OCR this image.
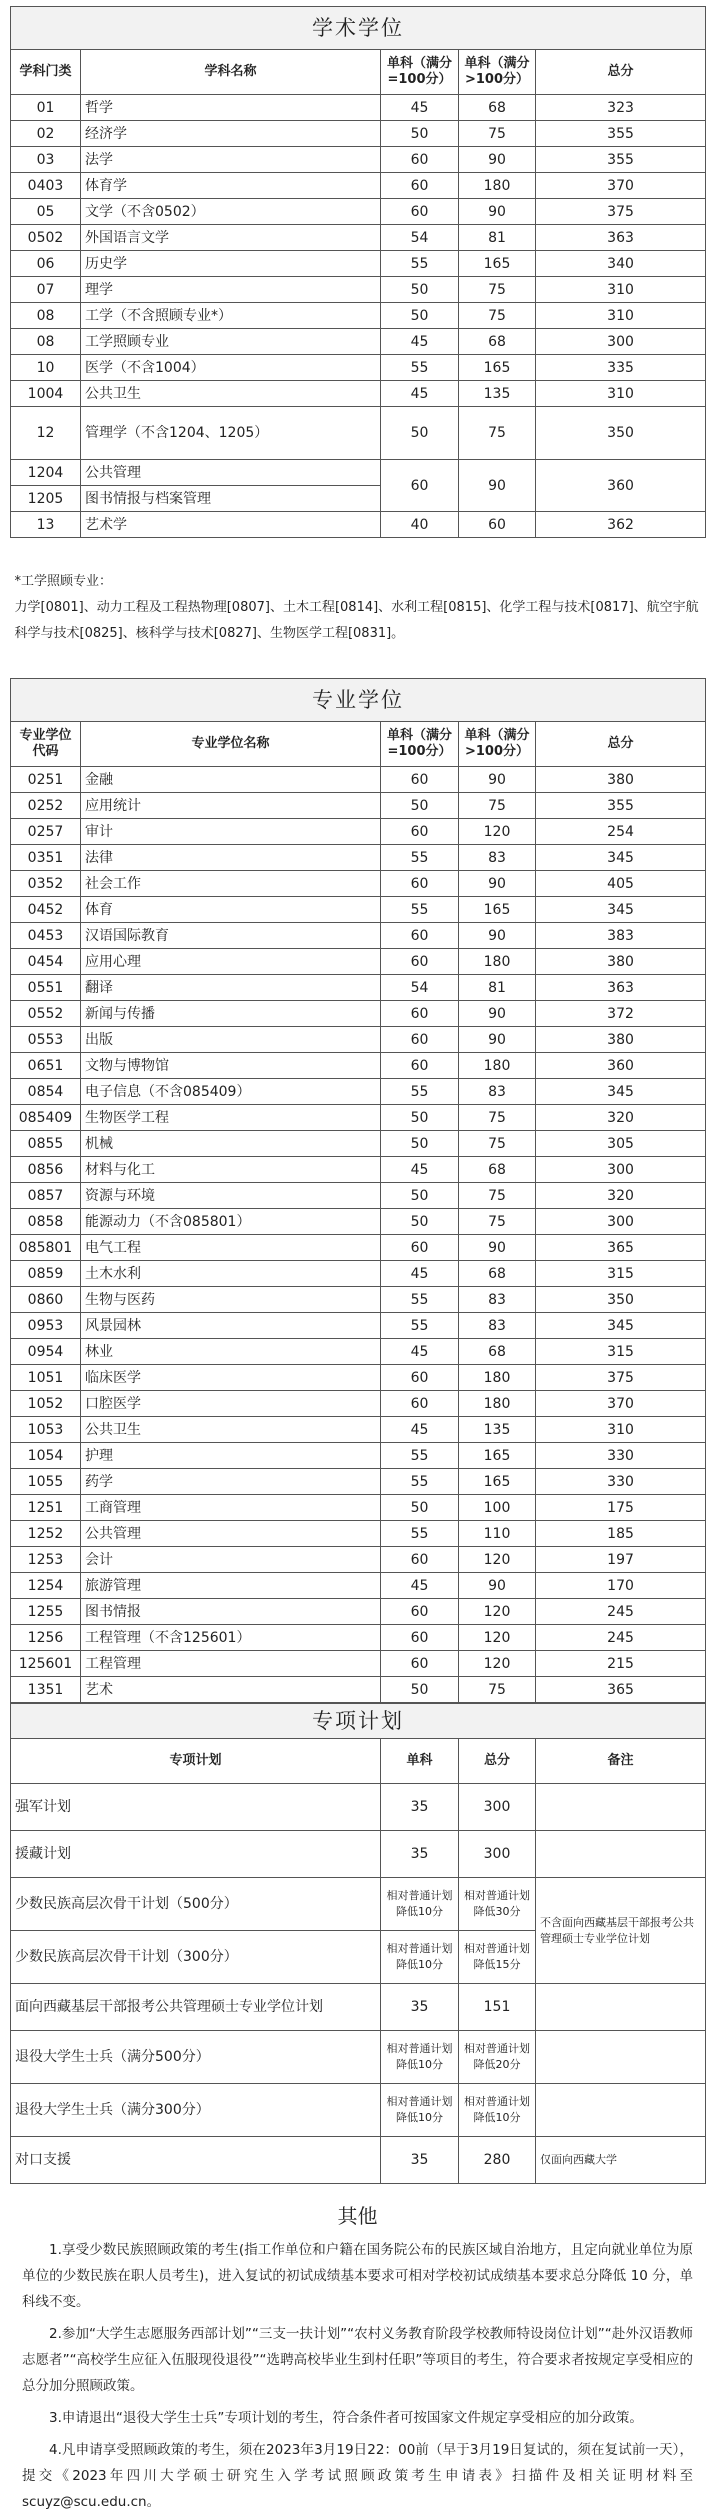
学术学位				
学科门类	学科名称	单科（满分=100分）	单科（满分>100分）	总分
01	哲学	45	68	323
02	经济学	50	75	355
03	法学	60	90	355
0403	体育学	60	180	370
05	文学（不含0502）	60	90	375
0502	外国语言文学	54	81	363
06	历史学	55	165	340
07	理学	50	75	310
08	工学（不含照顾专业*）	50	75	310
08	工学照顾专业	45	68	300
10	医学（不含1004）	55	165	335
1004	公共卫生	45	135	310
12	管理学（不含1204、1205）	50	75	350
1204	公共管理	60	90	360
1205	图书情报与档案管理			
13	艺术学	40	60	362

*工学照顾专业：
力学[0801]、动力工程及工程热物理[0807]、土木工程[0814]、水利工程[0815]、化学工程与技术[0817]、航空宇航科学与技术[0825]、核科学与技术[0827]、生物医学工程[0831]。				

专业学位				
专业学位代码	专业学位名称	单科（满分=100分）	单科（满分>100分）	总分
0251	金融	60	90	380
0252	应用统计	50	75	355
0257	审计	60	120	254
0351	法律	55	83	345
0352	社会工作	60	90	405
0452	体育	55	165	345
0453	汉语国际教育	60	90	383
0454	应用心理	60	180	380
0551	翻译	54	81	363
0552	新闻与传播	60	90	372
0553	出版	60	90	380
0651	文物与博物馆	60	180	360
0854	电子信息（不含085409）	55	83	345
085409	生物医学工程	50	75	320
0855	机械	50	75	305
0856	材料与化工	45	68	300
0857	资源与环境	50	75	320
0858	能源动力（不含085801）	50	75	300
085801	电气工程	60	90	365
0859	土木水利	45	68	315
0860	生物与医药	55	83	350
0953	风景园林	55	83	345
0954	林业	45	68	315
1051	临床医学	60	180	375
1052	口腔医学	60	180	370
1053	公共卫生	45	135	310
1054	护理	55	165	330
1055	药学	55	165	330
1251	工商管理	50	100	175
1252	公共管理	55	110	185
1253	会计	60	120	197
1254	旅游管理	45	90	170
1255	图书情报	60	120	245
1256	工程管理（不含125601）	60	120	245
125601	工程管理	60	120	215
1351	艺术	50	75	365
专项计划			
专项计划	单科	总分	备注
强军计划	35	300	
援藏计划	35	300	
少数民族高层次骨干计划（500分）	相对普通计划降低10分	相对普通计划降低30分	不含面向西藏基层干部报考公共管理硕士专业学位计划
少数民族高层次骨干计划（300分）	相对普通计划降低10分	相对普通计划降低15分	
面向西藏基层干部报考公共管理硕士专业学位计划	35	151	
退役大学生士兵（满分500分）	相对普通计划降低10分	相对普通计划降低20分	
退役大学生士兵（满分300分）	相对普通计划降低10分	相对普通计划降低10分	
对口支援	35	280	仅面向西藏大学
其他

1.享受少数民族照顾政策的考生(指工作单位和户籍在国务院公布的民族区域自治地方，且定向就业单位为原单位的少数民族在职人员考生)，进入复试的初试成绩基本要求可相对学校初试成绩基本要求总分降低 10 分，单科线不变。

2.参加“大学生志愿服务西部计划”“三支一扶计划”“农村义务教育阶段学校教师特设岗位计划”“赴外汉语教师志愿者”“高校学生应征入伍服现役退役”“选聘高校毕业生到村任职”等项目的考生，符合要求者按规定享受相应的总分加分照顾政策。

3.申请退出“退役大学生士兵”专项计划的考生，符合条件者可按国家文件规定享受相应的加分政策。

4.凡申请享受照顾政策的考生，须在2023年3月19日22：00前（早于3月19日复试的，须在复试前一天），提交《2023年四川大学硕士研究生入学考试照顾政策考生申请表》扫描件及相关证明材料至scuyz@scu.edu.cn。
